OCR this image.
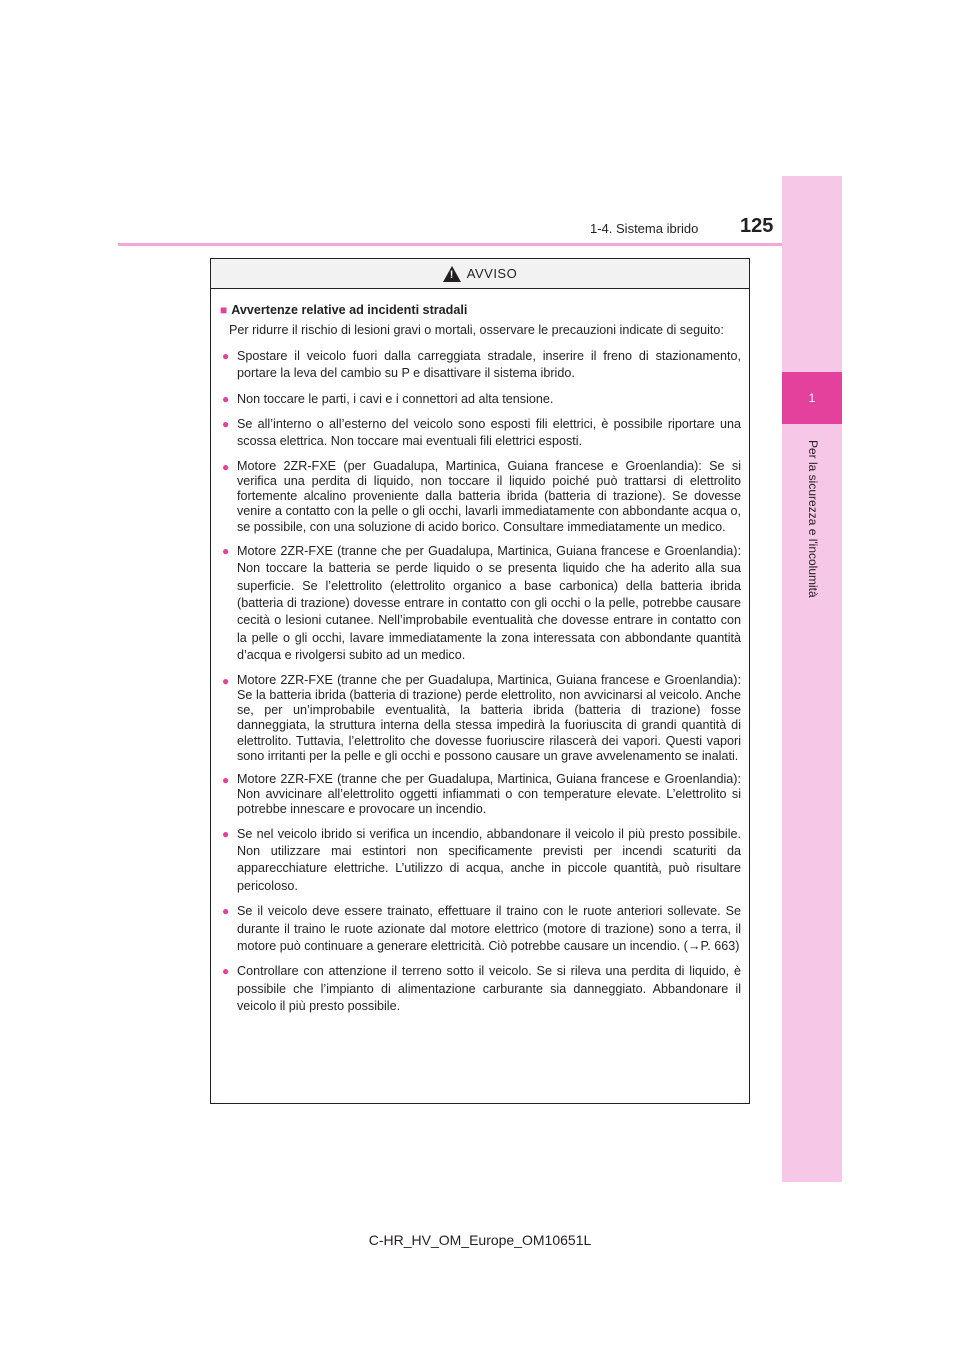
1
Per la sicurezza e l'incolumità
1-4. Sistema ibrido 125
! AVVISO
■ Avvertenze relative ad incidenti stradali
Per ridurre il rischio di lesioni gravi o mortali, osservare le precauzioni indicate di seguito:
● Spostare il veicolo fuori dalla carreggiata stradale, inserire il freno di stazionamento, portare la leva del cambio su P e disattivare il sistema ibrido.
● Non toccare le parti, i cavi e i connettori ad alta tensione.
● Se all’interno o all’esterno del veicolo sono esposti fili elettrici, è possibile riportare una scossa elettrica. Non toccare mai eventuali fili elettrici esposti.
● Motore 2ZR-FXE (per Guadalupa, Martinica, Guiana francese e Groenlandia): Se si verifica una perdita di liquido, non toccare il liquido poiché può trattarsi di elettrolito fortemente alcalino proveniente dalla batteria ibrida (batteria di trazione). Se dovesse venire a contatto con la pelle o gli occhi, lavarli immediatamente con abbondante acqua o, se possibile, con una soluzione di acido borico. Consultare immediatamente un medico.
● Motore 2ZR-FXE (tranne che per Guadalupa, Martinica, Guiana francese e Groenlandia): Non toccare la batteria se perde liquido o se presenta liquido che ha aderito alla sua superficie. Se l’elettrolito (elettrolito organico a base carbonica) della batteria ibrida (batteria di trazione) dovesse entrare in contatto con gli occhi o la pelle, potrebbe causare cecità o lesioni cutanee. Nell’improbabile eventualità che dovesse entrare in contatto con la pelle o gli occhi, lavare immediatamente la zona interessata con abbondante quantità d’acqua e rivolgersi subito ad un medico.
● Motore 2ZR-FXE (tranne che per Guadalupa, Martinica, Guiana francese e Groenlandia): Se la batteria ibrida (batteria di trazione) perde elettrolito, non avvicinarsi al veicolo. Anche se, per un’improbabile eventualità, la batteria ibrida (batteria di trazione) fosse danneggiata, la struttura interna della stessa impedirà la fuoriuscita di grandi quantità di elettrolito. Tuttavia, l’elettrolito che dovesse fuoriuscire rilascerà dei vapori. Questi vapori sono irritanti per la pelle e gli occhi e possono causare un grave avvelenamento se inalati.
● Motore 2ZR-FXE (tranne che per Guadalupa, Martinica, Guiana francese e Groenlandia): Non avvicinare all’elettrolito oggetti infiammati o con temperature elevate. L’elettrolito si potrebbe innescare e provocare un incendio.
● Se nel veicolo ibrido si verifica un incendio, abbandonare il veicolo il più presto possibile. Non utilizzare mai estintori non specificamente previsti per incendi scaturiti da apparecchiature elettriche. L’utilizzo di acqua, anche in piccole quantità, può risultare pericoloso.
● Se il veicolo deve essere trainato, effettuare il traino con le ruote anteriori sollevate. Se durante il traino le ruote azionate dal motore elettrico (motore di trazione) sono a terra, il motore può continuare a generare elettricità. Ciò potrebbe causare un incendio. (→P. 663)
● Controllare con attenzione il terreno sotto il veicolo. Se si rileva una perdita di liquido, è possibile che l’impianto di alimentazione carburante sia danneggiato. Abbandonare il veicolo il più presto possibile.
C-HR_HV_OM_Europe_OM10651L
